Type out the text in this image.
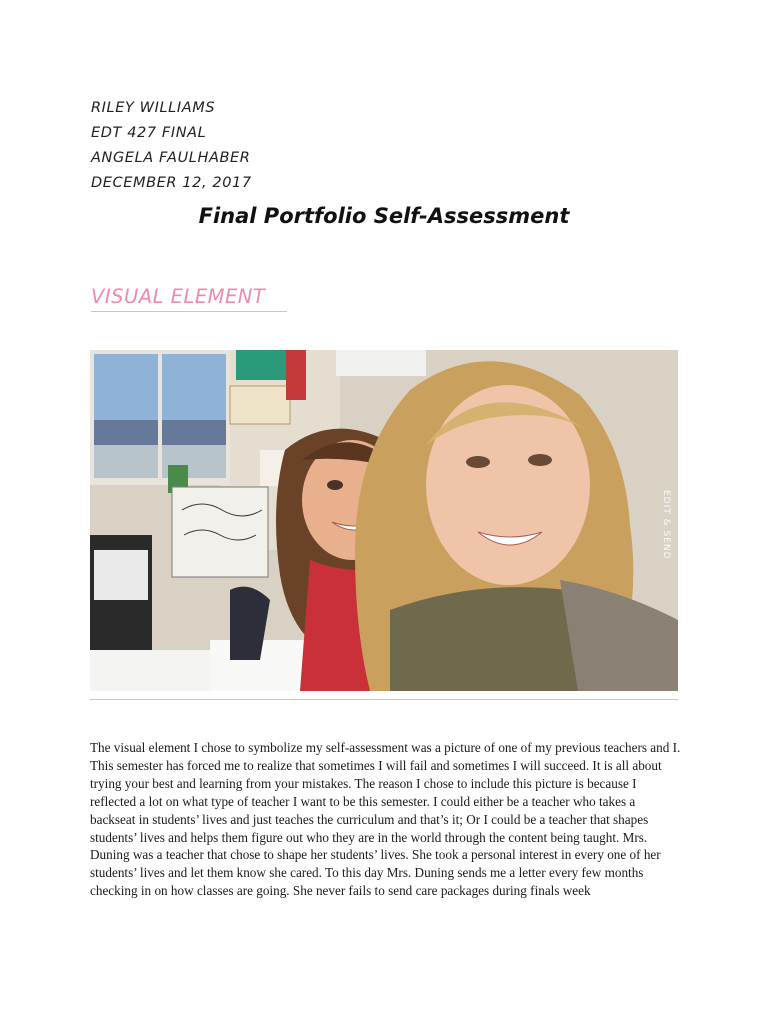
RILEY WILLIAMS
EDT 427 FINAL
ANGELA FAULHABER
DECEMBER 12, 2017
Final Portfolio Self-Assessment
VISUAL ELEMENT
EDIT & SEND
The visual element I chose to symbolize my self-assessment was a picture of one of my previous teachers and I. This semester has forced me to realize that sometimes I will fail and sometimes I will succeed. It is all about trying your best and learning from your mistakes. The reason I chose to include this picture is because I reflected a lot on what type of teacher I want to be this semester. I could either be a teacher who takes a backseat in students’ lives and just teaches the curriculum and that’s it; Or I could be a teacher that shapes students’ lives and helps them figure out who they are in the world through the content being taught. Mrs. Duning was a teacher that chose to shape her students’ lives. She took a personal interest in every one of her students’ lives and let them know she cared. To this day Mrs. Duning sends me a letter every few months checking in on how classes are going. She never fails to send care packages during finals week
